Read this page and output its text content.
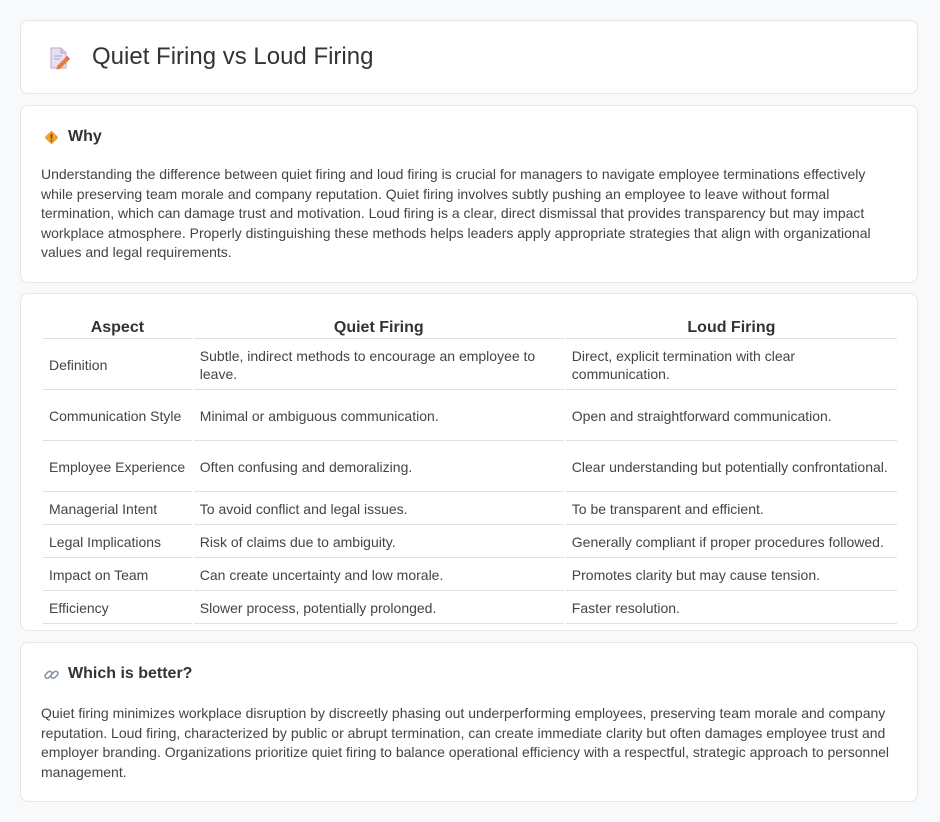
Quiet Firing vs Loud Firing
Why

Understanding the difference between quiet firing and loud firing is crucial for managers to navigate employee terminations effectively while preserving team morale and company reputation. Quiet firing involves subtly pushing an employee to leave without formal termination, which can damage trust and motivation. Loud firing is a clear, direct dismissal that provides transparency but may impact workplace atmosphere. Properly distinguishing these methods helps leaders apply appropriate strategies that align with organizational values and legal requirements.

Aspect	Quiet Firing	Loud Firing
Definition	Subtle, indirect methods to encourage an employee to leave.	Direct, explicit termination with clear communication.
Communication Style	Minimal or ambiguous communication.	Open and straightforward communication.
Employee Experience	Often confusing and demoralizing.	Clear understanding but potentially confrontational.
Managerial Intent	To avoid conflict and legal issues.	To be transparent and efficient.
Legal Implications	Risk of claims due to ambiguity.	Generally compliant if proper procedures followed.
Impact on Team	Can create uncertainty and low morale.	Promotes clarity but may cause tension.
Efficiency	Slower process, potentially prolonged.	Faster resolution.
Which is better?

Quiet firing minimizes workplace disruption by discreetly phasing out underperforming employees, preserving team morale and company reputation. Loud firing, characterized by public or abrupt termination, can create immediate clarity but often damages employee trust and employer branding. Organizations prioritize quiet firing to balance operational efficiency with a respectful, strategic approach to personnel management.
